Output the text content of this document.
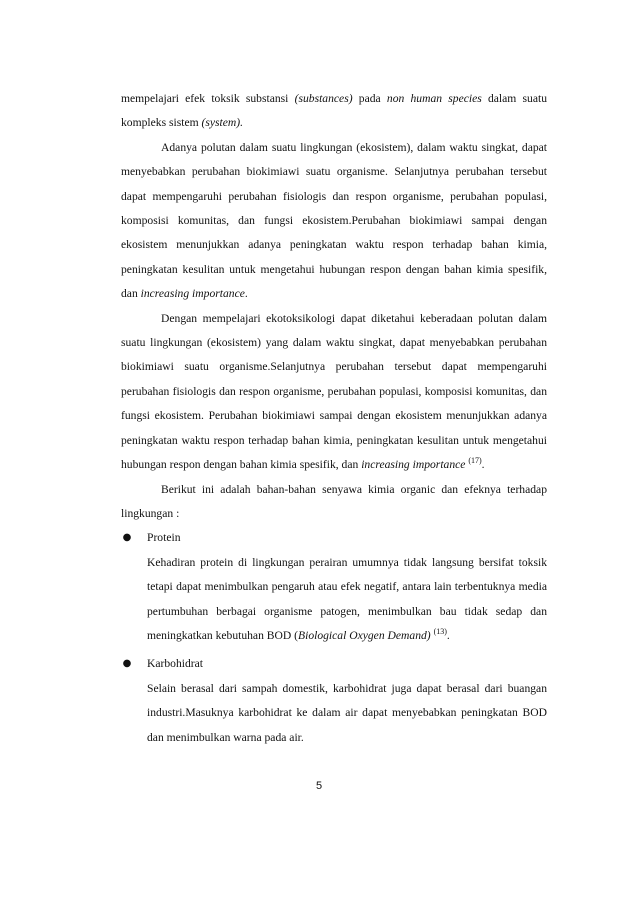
mempelajari efek toksik substansi (substances) pada non human species dalam suatu kompleks sistem (system).

Adanya polutan dalam suatu lingkungan (ekosistem), dalam waktu singkat, dapat menyebabkan perubahan biokimiawi suatu organisme. Selanjutnya perubahan tersebut dapat mempengaruhi perubahan fisiologis dan respon organisme, perubahan populasi, komposisi komunitas, dan fungsi ekosistem.Perubahan biokimiawi sampai dengan ekosistem menunjukkan adanya peningkatan waktu respon terhadap bahan kimia, peningkatan kesulitan untuk mengetahui hubungan respon dengan bahan kimia spesifik, dan increasing importance.

Dengan mempelajari ekotoksikologi dapat diketahui keberadaan polutan dalam suatu lingkungan (ekosistem) yang dalam waktu singkat, dapat menyebabkan perubahan biokimiawi suatu organisme.Selanjutnya perubahan tersebut dapat mempengaruhi perubahan fisiologis dan respon organisme, perubahan populasi, komposisi komunitas, dan fungsi ekosistem. Perubahan biokimiawi sampai dengan ekosistem menunjukkan adanya peningkatan waktu respon terhadap bahan kimia, peningkatan kesulitan untuk mengetahui hubungan respon dengan bahan kimia spesifik, dan increasing importance $^{(17)}$.

Berikut ini adalah bahan-bahan senyawa kimia organic dan efeknya terhadap lingkungan :

● Protein

Kehadiran protein di lingkungan perairan umumnya tidak langsung bersifat toksik tetapi dapat menimbulkan pengaruh atau efek negatif, antara lain terbentuknya media pertumbuhan berbagai organisme patogen, menimbulkan bau tidak sedap dan meningkatkan kebutuhan BOD (Biological Oxygen Demand) $^{(13)}$.

● Karbohidrat

Selain berasal dari sampah domestik, karbohidrat juga dapat berasal dari buangan industri.Masuknya karbohidrat ke dalam air dapat menyebabkan peningkatan BOD dan menimbulkan warna pada air.

5
